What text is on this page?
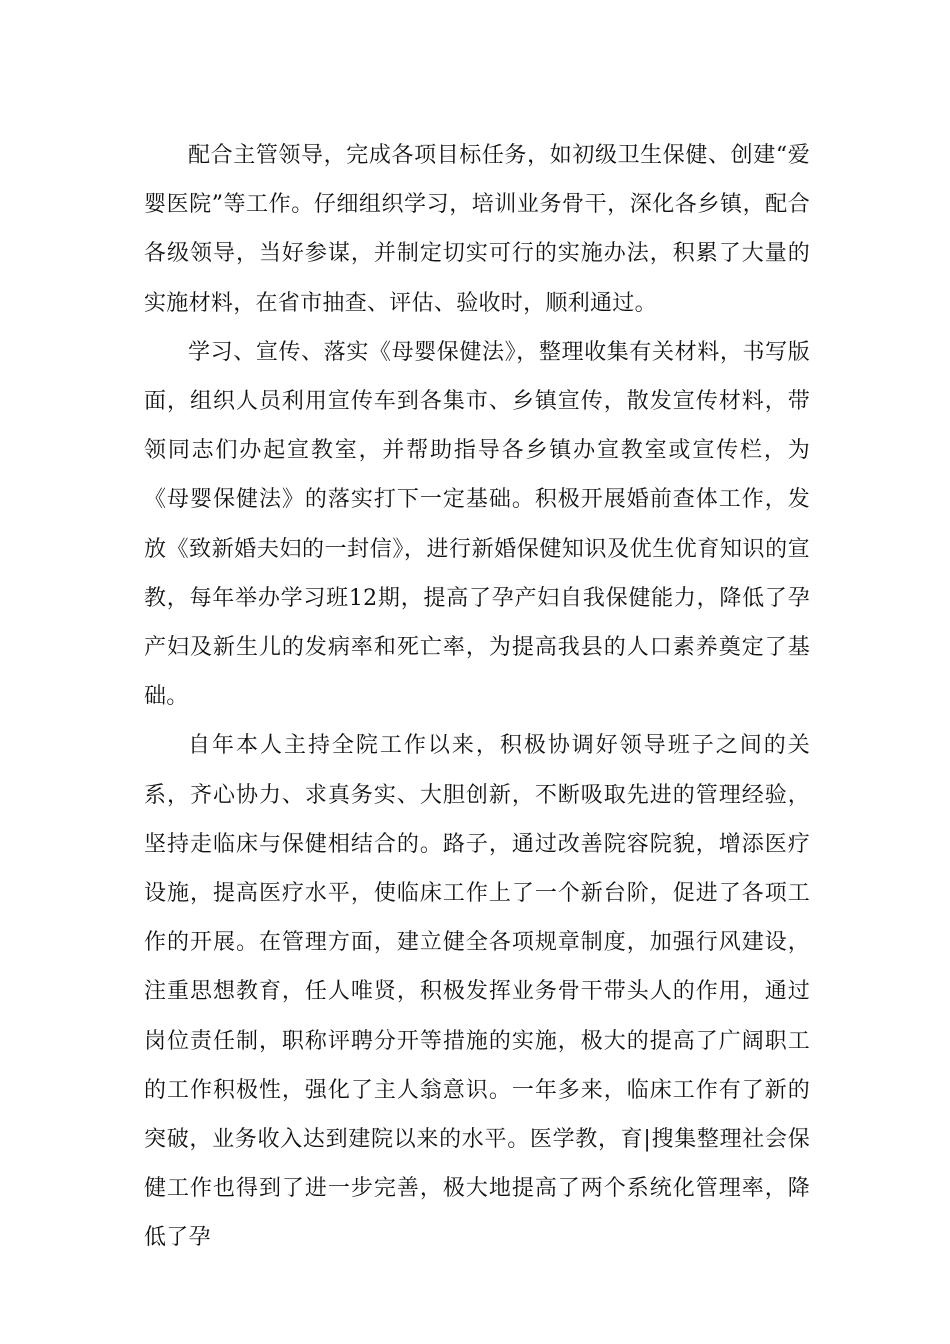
配合主管领导，完成各项目标任务，如初级卫生保健、创建“爱婴医院”等工作。仔细组织学习，培训业务骨干，深化各乡镇，配合各级领导，当好参谋，并制定切实可行的实施办法，积累了大量的实施材料，在省市抽查、评估、验收时，顺利通过。

学习、宣传、落实《母婴保健法》，整理收集有关材料，书写版面，组织人员利用宣传车到各集市、乡镇宣传，散发宣传材料，带领同志们办起宣教室，并帮助指导各乡镇办宣教室或宣传栏，为《母婴保健法》的落实打下一定基础。积极开展婚前查体工作，发放《致新婚夫妇的一封信》，进行新婚保健知识及优生优育知识的宣教，每年举办学习班12期，提高了孕产妇自我保健能力，降低了孕产妇及新生儿的发病率和死亡率，为提高我县的人口素养奠定了基础。

自年本人主持全院工作以来，积极协调好领导班子之间的关系，齐心协力、求真务实、大胆创新，不断吸取先进的管理经验，坚持走临床与保健相结合的。路子，通过改善院容院貌，增添医疗设施，提高医疗水平，使临床工作上了一个新台阶，促进了各项工作的开展。在管理方面，建立健全各项规章制度，加强行风建设，注重思想教育，任人唯贤，积极发挥业务骨干带头人的作用，通过岗位责任制，职称评聘分开等措施的实施，极大的提高了广阔职工的工作积极性，强化了主人翁意识。一年多来，临床工作有了新的突破，业务收入达到建院以来的水平。医学教，育|搜集整理社会保健工作也得到了进一步完善，极大地提高了两个系统化管理率，降低了孕
